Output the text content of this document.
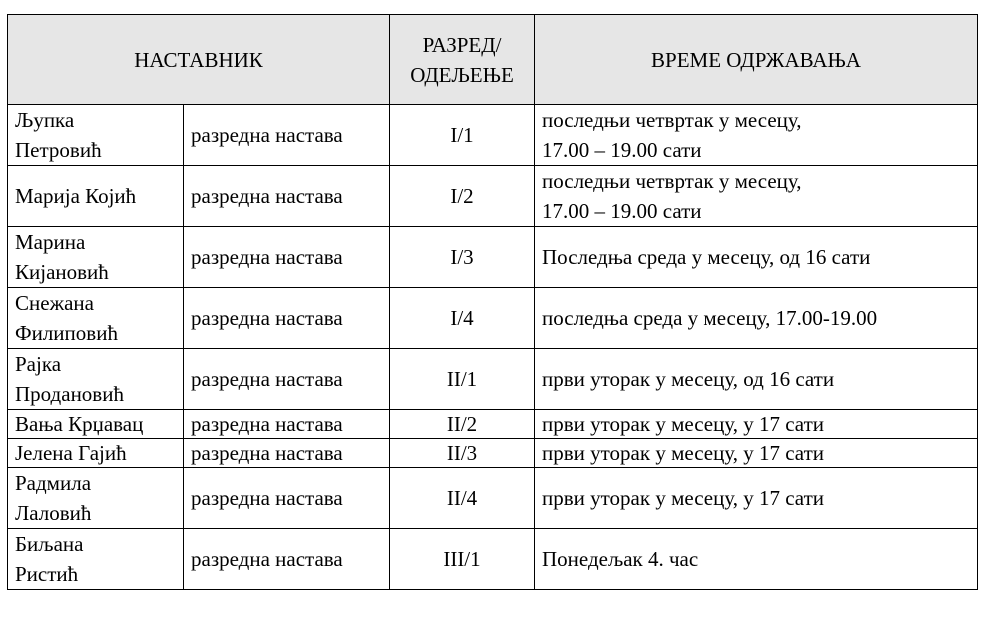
НАСТАВНИК		РАЗРЕД/
ОДЕЉЕЊЕ	ВРЕМЕ ОДРЖАВАЊА

Љупка
Петровић	разредна настава	I/1	последњи четвртак у месецу,
17.00 – 19.00 сати

Марија Којић	разредна настава	I/2	последњи четвртак у месецу,
17.00 – 19.00 сати

Марина
Кијановић	разредна настава	I/3	Последња среда у месецу, од 16 сати

Снежана
Филиповић	разредна настава	I/4	последња среда у месецу, 17.00-19.00

Рајка
Продановић	разредна настава	II/1	први уторак у месецу, од 16 сати
Вања Крџавац	разредна настава	II/2	први уторак у месецу, у 17 сати
Јелена Гајић	разредна настава	II/3	први уторак у месецу, у 17 сати

Радмила
Лаловић	разредна настава	II/4	први уторак у месецу, у 17 сати

Биљана
Ристић	разредна настава	III/1	Понедељак 4. час
